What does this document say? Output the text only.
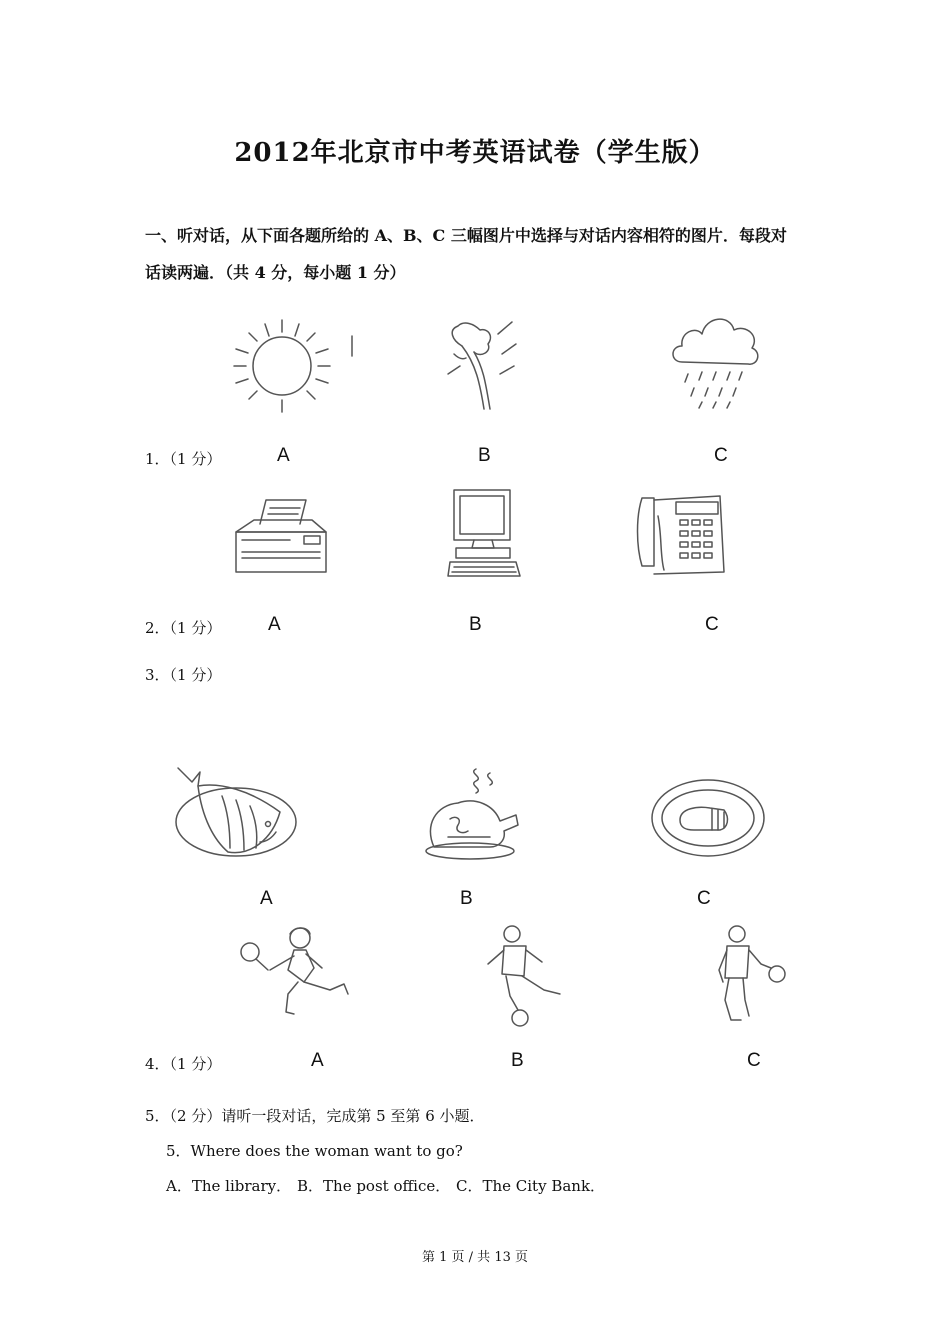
2012年北京市中考英语试卷（学生版）
一、听对话，从下面各题所给的 A、B、C 三幅图片中选择与对话内容相符的图片．每段对
话读两遍．（共 4 分，每小题 1 分）
1．（1 分）	A	B	C
2．（1 分） A	B	C
3．（1 分）
A	B	C
4．（1 分）	A	B	C
5．（2 分）请听一段对话，完成第 5 至第 6 小题．
5．Where does the woman want to go?
A．The library． B．The post office． C．The City Bank．
第 1 页 / 共 13 页
